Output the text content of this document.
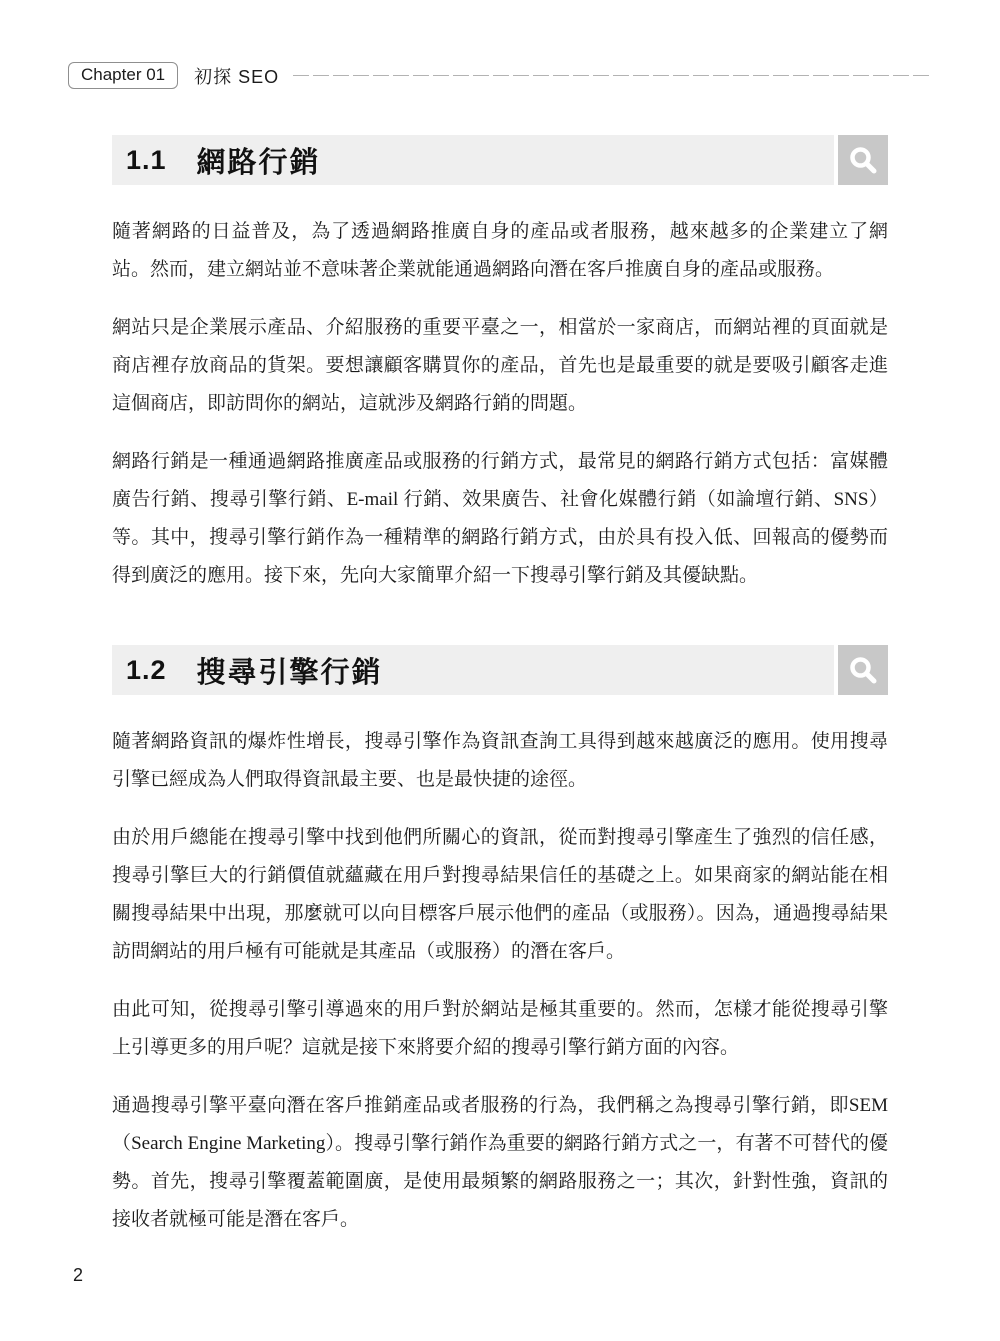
Chapter 01	初探 SEO
1.1 網路行銷

隨著網路的日益普及，為了透過網路推廣自身的產品或者服務，越來越多的企業建立了網站。然而，建立網站並不意味著企業就能通過網路向潛在客戶推廣自身的產品或服務。

網站只是企業展示產品、介紹服務的重要平臺之一，相當於一家商店，而網站裡的頁面就是商店裡存放商品的貨架。要想讓顧客購買你的產品，首先也是最重要的就是要吸引顧客走進這個商店，即訪問你的網站，這就涉及網路行銷的問題。

網路行銷是一種通過網路推廣產品或服務的行銷方式，最常見的網路行銷方式包括：富媒體廣告行銷、搜尋引擎行銷、E-mail 行銷、效果廣告、社會化媒體行銷（如論壇行銷、SNS）等。其中，搜尋引擎行銷作為一種精準的網路行銷方式，由於具有投入低、回報高的優勢而得到廣泛的應用。接下來，先向大家簡單介紹一下搜尋引擎行銷及其優缺點。

1.2 搜尋引擎行銷

隨著網路資訊的爆炸性增長，搜尋引擎作為資訊查詢工具得到越來越廣泛的應用。使用搜尋引擎已經成為人們取得資訊最主要、也是最快捷的途徑。

由於用戶總能在搜尋引擎中找到他們所關心的資訊，從而對搜尋引擎產生了強烈的信任感，搜尋引擎巨大的行銷價值就蘊藏在用戶對搜尋結果信任的基礎之上。如果商家的網站能在相關搜尋結果中出現，那麼就可以向目標客戶展示他們的產品（或服務）。因為，通過搜尋結果訪問網站的用戶極有可能就是其產品（或服務）的潛在客戶。

由此可知，從搜尋引擎引導過來的用戶對於網站是極其重要的。然而，怎樣才能從搜尋引擎上引導更多的用戶呢？這就是接下來將要介紹的搜尋引擎行銷方面的內容。

通過搜尋引擎平臺向潛在客戶推銷產品或者服務的行為，我們稱之為搜尋引擎行銷，即SEM（Search Engine Marketing）。搜尋引擎行銷作為重要的網路行銷方式之一，有著不可替代的優勢。首先，搜尋引擎覆蓋範圍廣，是使用最頻繁的網路服務之一；其次，針對性強，資訊的接收者就極可能是潛在客戶。

2
